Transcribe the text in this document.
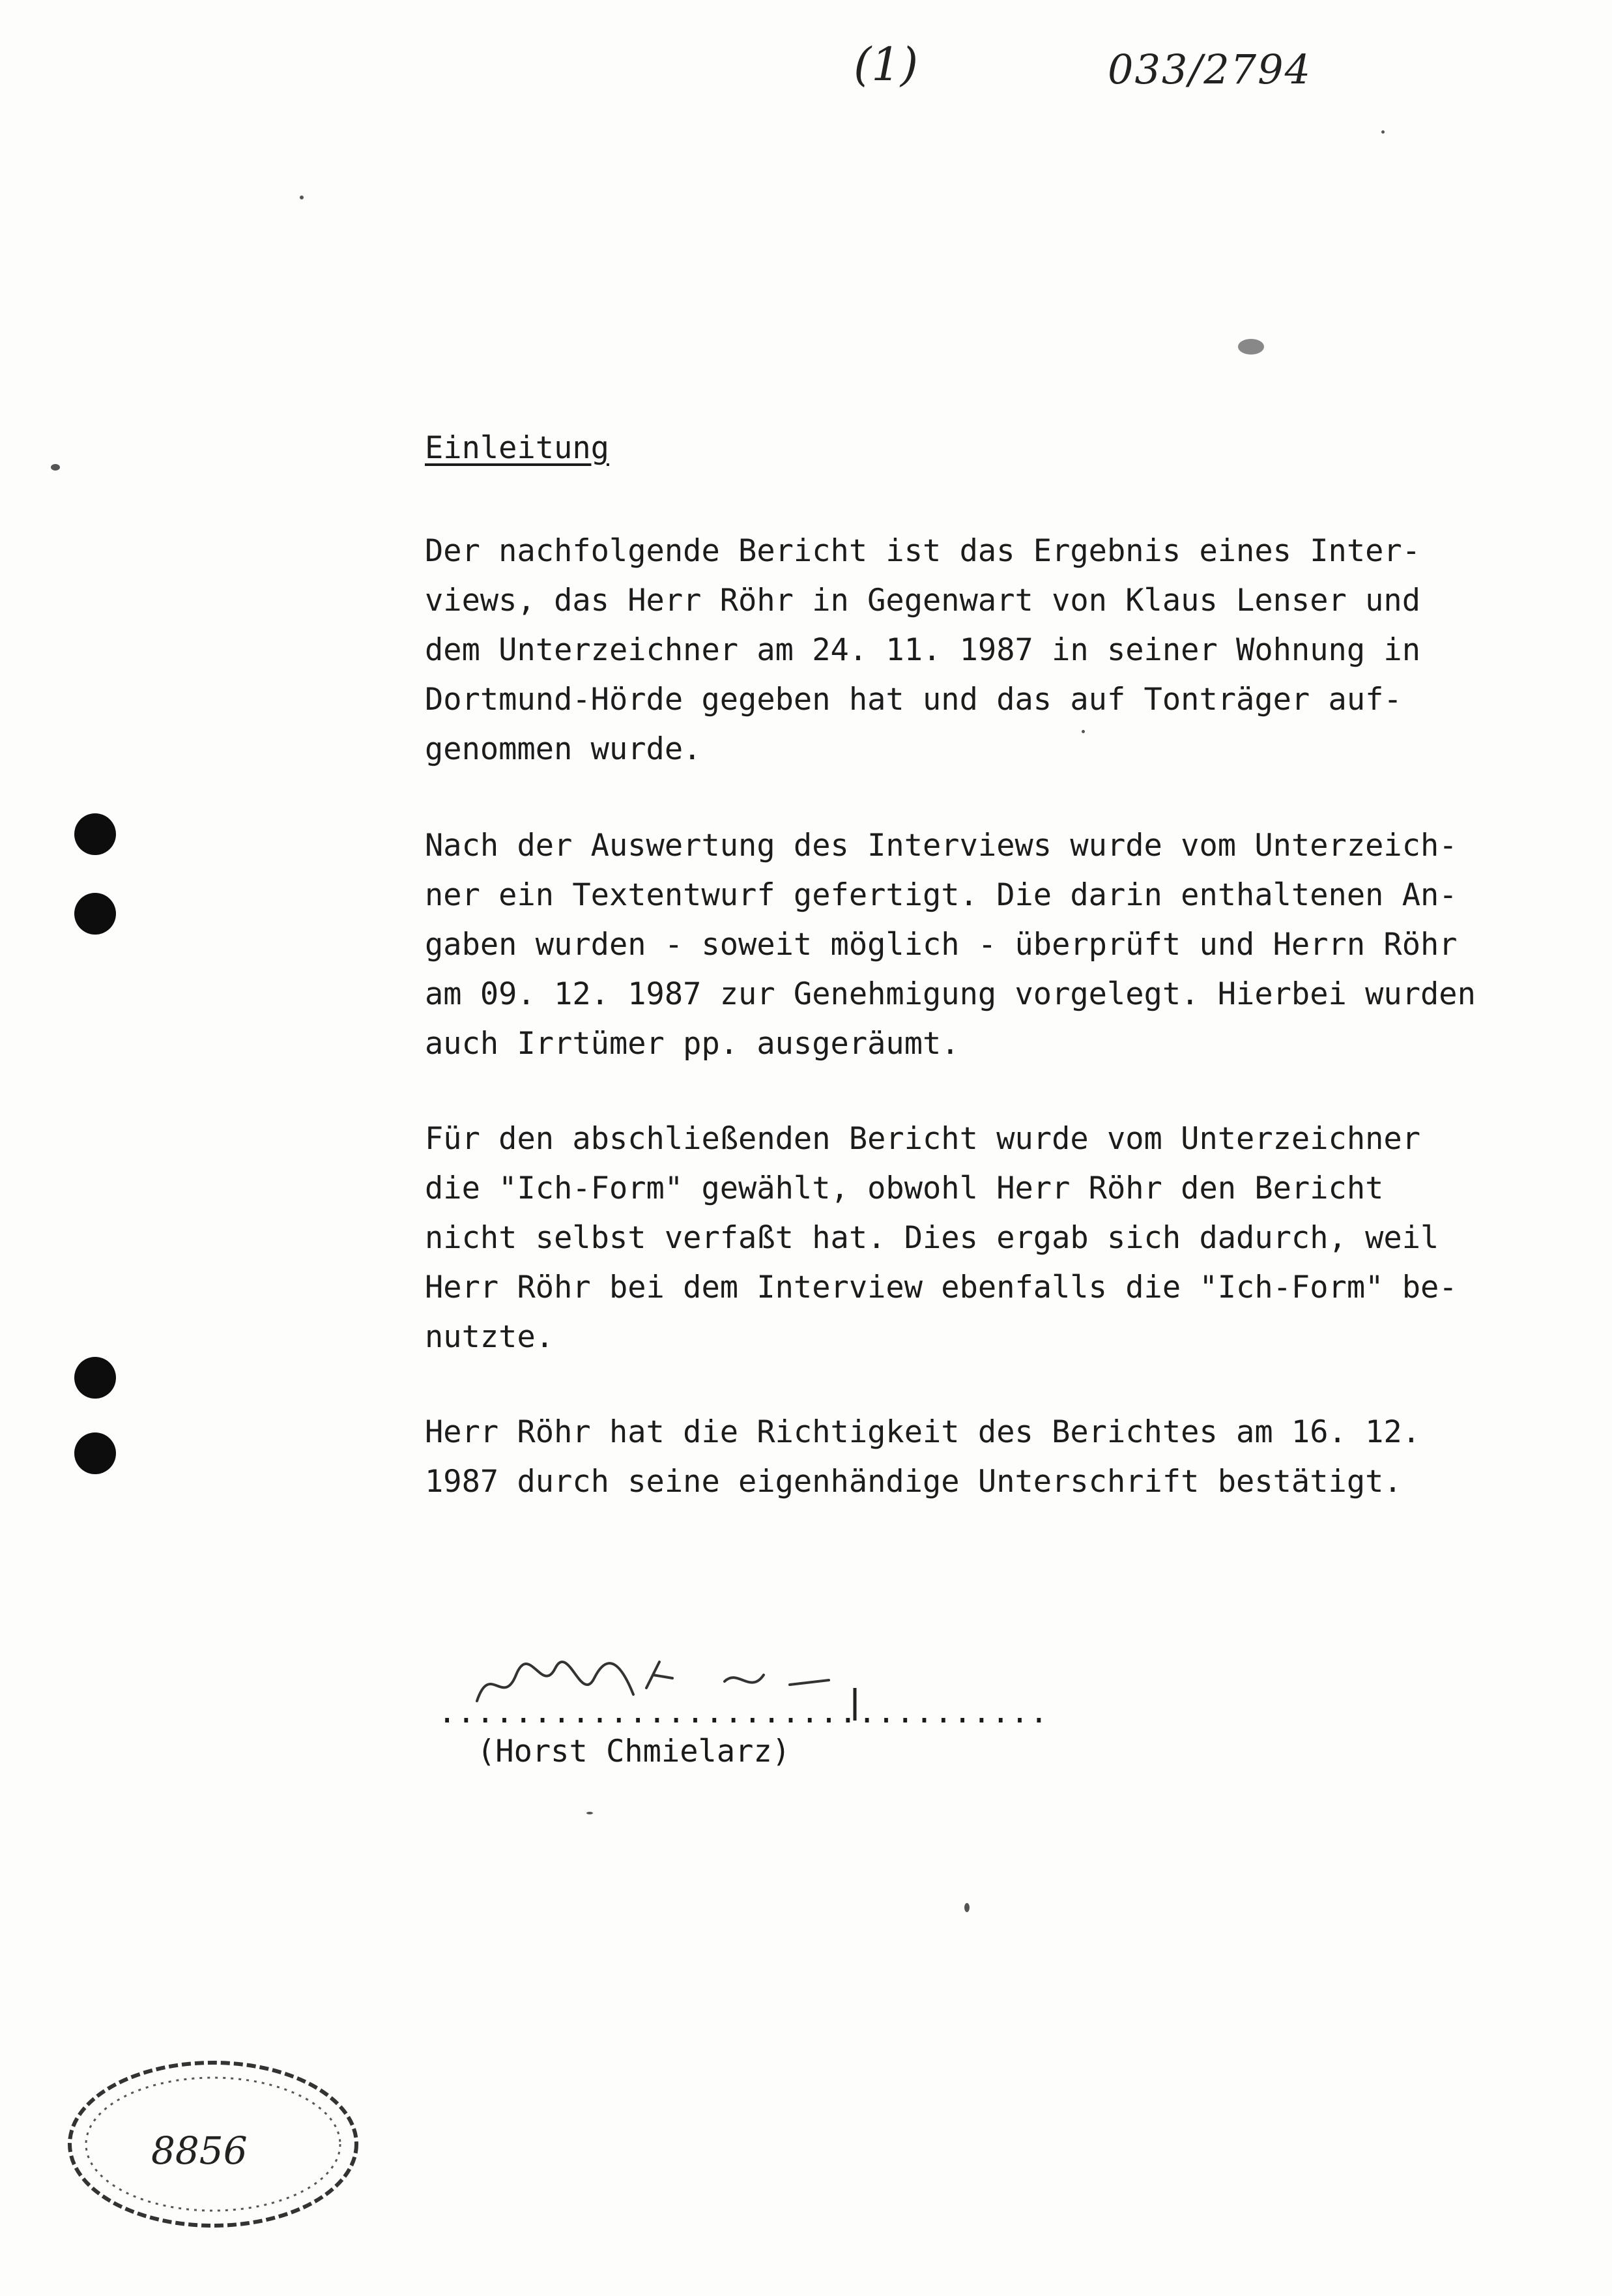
(1)	033/2794
Einleitung
Der nachfolgende Bericht ist das Ergebnis eines Inter-
views, das Herr Röhr in Gegenwart von Klaus Lenser und
dem Unterzeichner am 24. 11. 1987 in seiner Wohnung in
Dortmund-Hörde gegeben hat und das auf Tonträger auf-
genommen wurde.
Nach der Auswertung des Interviews wurde vom Unterzeich-
ner ein Textentwurf gefertigt. Die darin enthaltenen An-
gaben wurden - soweit möglich - überprüft und Herrn Röhr
am 09. 12. 1987 zur Genehmigung vorgelegt. Hierbei wurden
auch Irrtümer pp. ausgeräumt.
Für den abschließenden Bericht wurde vom Unterzeichner
die "Ich-Form" gewählt, obwohl Herr Röhr den Bericht
nicht selbst verfaßt hat. Dies ergab sich dadurch, weil
Herr Röhr bei dem Interview ebenfalls die "Ich-Form" be-
nutzte.
Herr Röhr hat die Richtigkeit des Berichtes am 16. 12.
1987 durch seine eigenhändige Unterschrift bestätigt.
................................
(Horst Chmielarz)
8856
